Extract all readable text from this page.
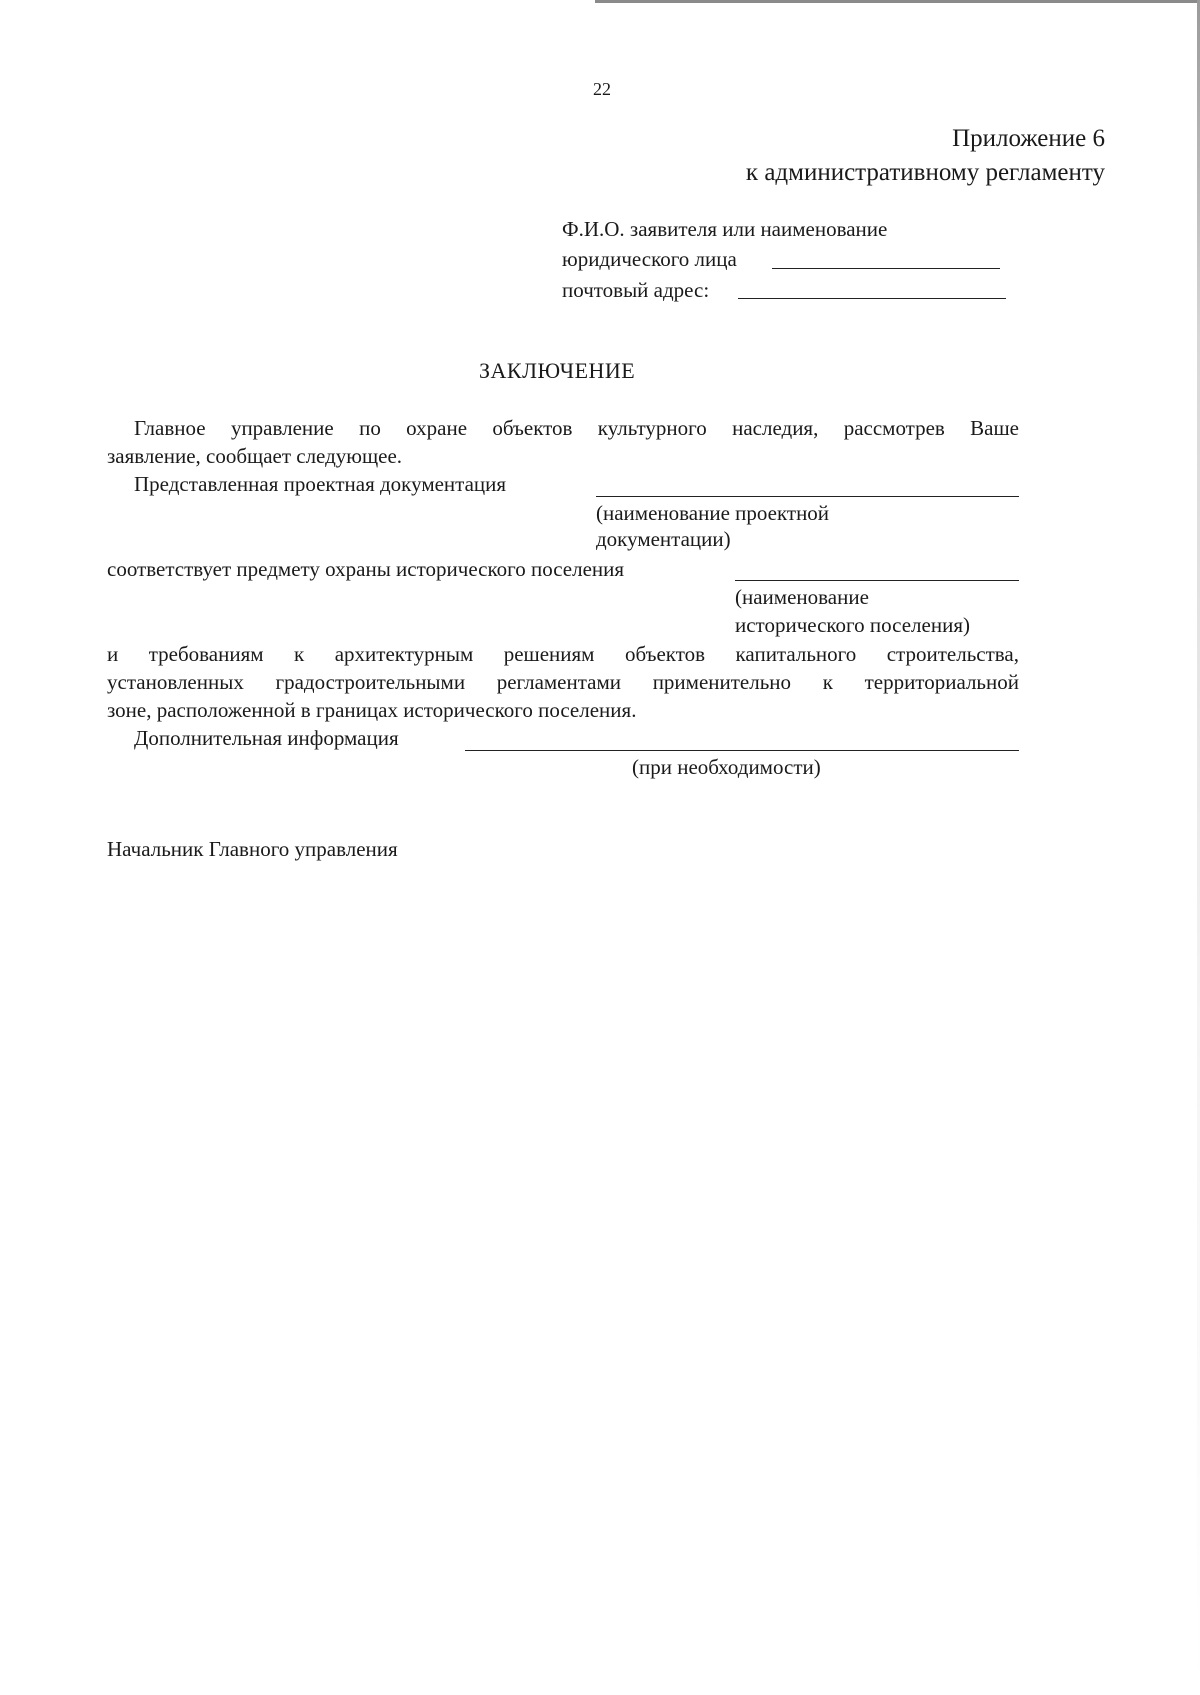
22
Приложение 6
к административному регламенту
Ф.И.О. заявителя или наименование
юридического лица
почтовый адрес:
ЗАКЛЮЧЕНИЕ
Главное управление по охране объектов культурного наследия, рассмотрев Ваше
заявление, сообщает следующее.
Представленная проектная документация
(наименование проектной
документации)
соответствует предмету охраны исторического поселения
(наименование
исторического поселения)
и требованиям к архитектурным решениям объектов капитального строительства,
установленных градостроительными регламентами применительно к территориальной
зоне, расположенной в границах исторического поселения.
Дополнительная информация
(при необходимости)
Начальник Главного управления
